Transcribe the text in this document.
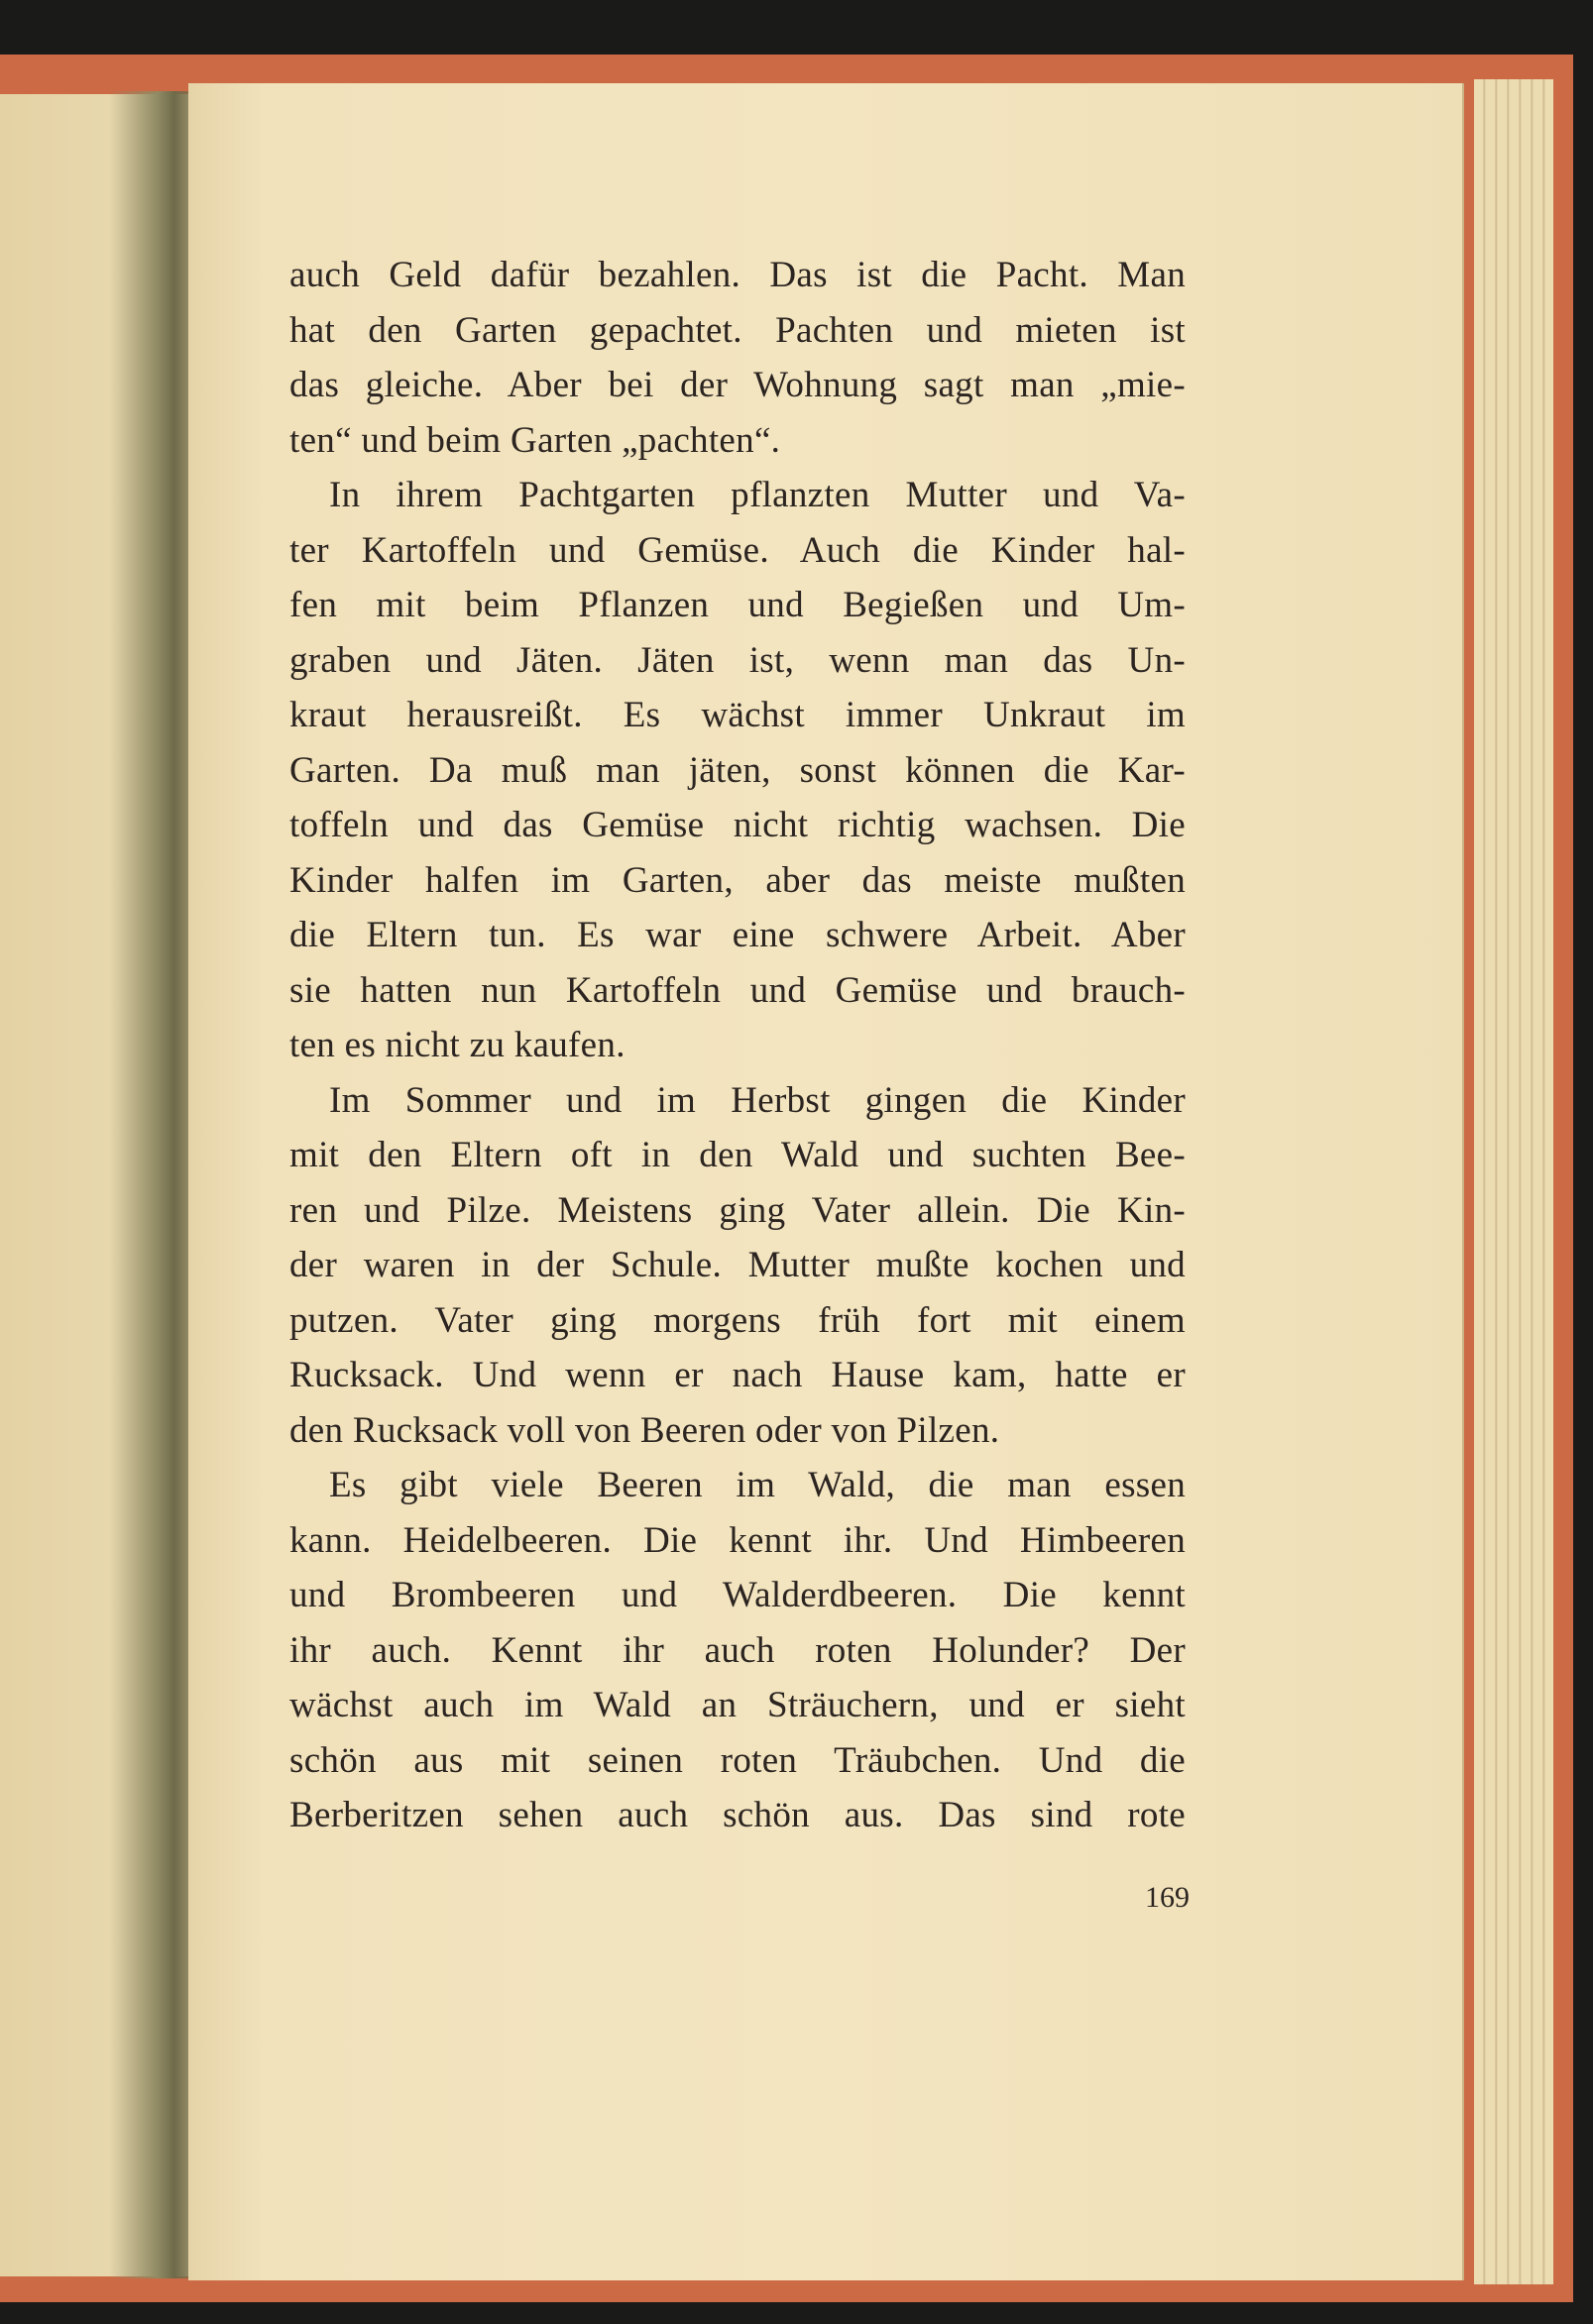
auch Geld dafür bezahlen. Das ist die Pacht. Man
hat den Garten gepachtet. Pachten und mieten ist
das gleiche. Aber bei der Wohnung sagt man „mie-
ten“ und beim Garten „pachten“.
In ihrem Pachtgarten pflanzten Mutter und Va-
ter Kartoffeln und Gemüse. Auch die Kinder hal-
fen mit beim Pflanzen und Begießen und Um-
graben und Jäten. Jäten ist, wenn man das Un-
kraut herausreißt. Es wächst immer Unkraut im
Garten. Da muß man jäten, sonst können die Kar-
toffeln und das Gemüse nicht richtig wachsen. Die
Kinder halfen im Garten, aber das meiste mußten
die Eltern tun. Es war eine schwere Arbeit. Aber
sie hatten nun Kartoffeln und Gemüse und brauch-
ten es nicht zu kaufen.
Im Sommer und im Herbst gingen die Kinder
mit den Eltern oft in den Wald und suchten Bee-
ren und Pilze. Meistens ging Vater allein. Die Kin-
der waren in der Schule. Mutter mußte kochen und
putzen. Vater ging morgens früh fort mit einem
Rucksack. Und wenn er nach Hause kam, hatte er
den Rucksack voll von Beeren oder von Pilzen.
Es gibt viele Beeren im Wald, die man essen
kann. Heidelbeeren. Die kennt ihr. Und Himbeeren
und Brombeeren und Walderdbeeren. Die kennt
ihr auch. Kennt ihr auch roten Holunder? Der
wächst auch im Wald an Sträuchern, und er sieht
schön aus mit seinen roten Träubchen. Und die
Berberitzen sehen auch schön aus. Das sind rote
169
